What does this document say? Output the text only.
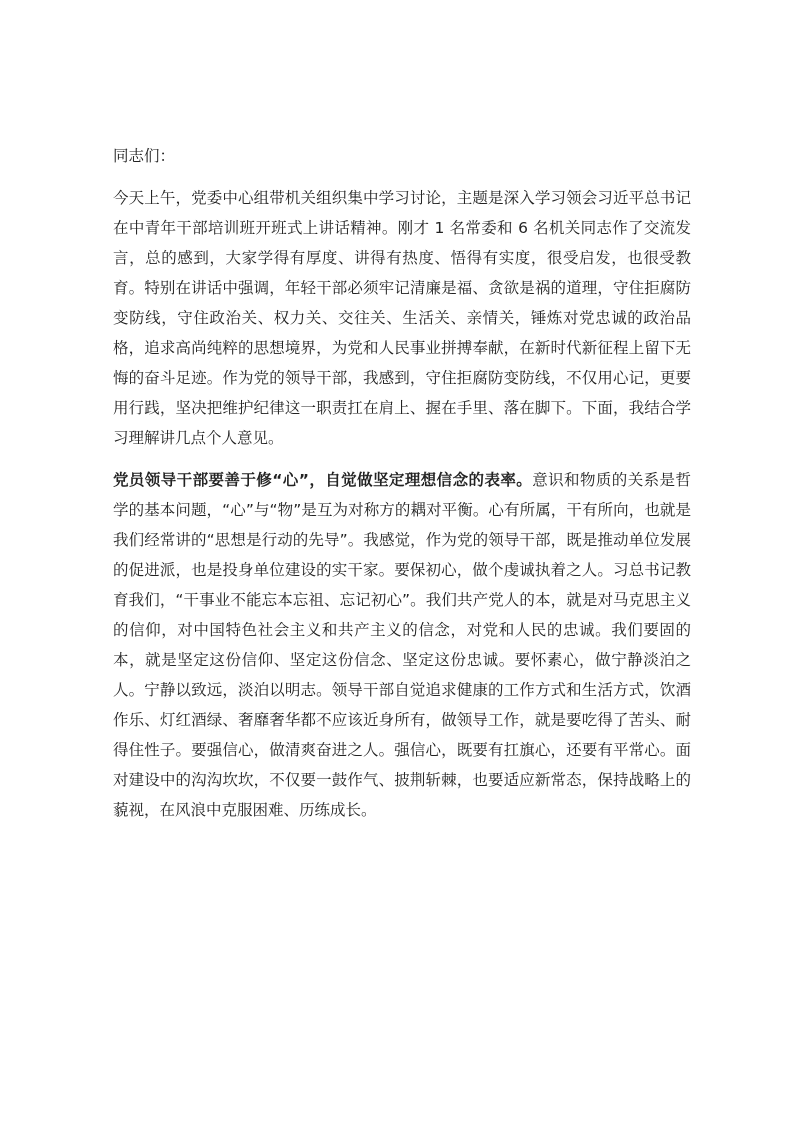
同志们：

今天上午，党委中心组带机关组织集中学习讨论，主题是深入学习领会习近平总书记在中青年干部培训班开班式上讲话精神。刚才 1 名常委和 6 名机关同志作了交流发言，总的感到，大家学得有厚度、讲得有热度、悟得有实度，很受启发，也很受教育。特别在讲话中强调，年轻干部必须牢记清廉是福、贪欲是祸的道理，守住拒腐防变防线，守住政治关、权力关、交往关、生活关、亲情关，锤炼对党忠诚的政治品格，追求高尚纯粹的思想境界，为党和人民事业拼搏奉献，在新时代新征程上留下无悔的奋斗足迹。作为党的领导干部，我感到，守住拒腐防变防线，不仅用心记，更要用行践，坚决把维护纪律这一职责扛在肩上、握在手里、落在脚下。下面，我结合学习理解讲几点个人意见。

党员领导干部要善于修“心”，自觉做坚定理想信念的表率。意识和物质的关系是哲学的基本问题，“心”与“物”是互为对称方的耦对平衡。心有所属，干有所向，也就是我们经常讲的“思想是行动的先导”。我感觉，作为党的领导干部，既是推动单位发展的促进派，也是投身单位建设的实干家。要保初心，做个虔诚执着之人。习总书记教育我们，“干事业不能忘本忘祖、忘记初心”。我们共产党人的本，就是对马克思主义的信仰，对中国特色社会主义和共产主义的信念，对党和人民的忠诚。我们要固的本，就是坚定这份信仰、坚定这份信念、坚定这份忠诚。要怀素心，做宁静淡泊之人。宁静以致远，淡泊以明志。领导干部自觉追求健康的工作方式和生活方式，饮酒作乐、灯红酒绿、奢靡奢华都不应该近身所有，做领导工作，就是要吃得了苦头、耐得住性子。要强信心，做清爽奋进之人。强信心，既要有扛旗心，还要有平常心。面对建设中的沟沟坎坎，不仅要一鼓作气、披荆斩棘，也要适应新常态，保持战略上的藐视，在风浪中克服困难、历练成长。
